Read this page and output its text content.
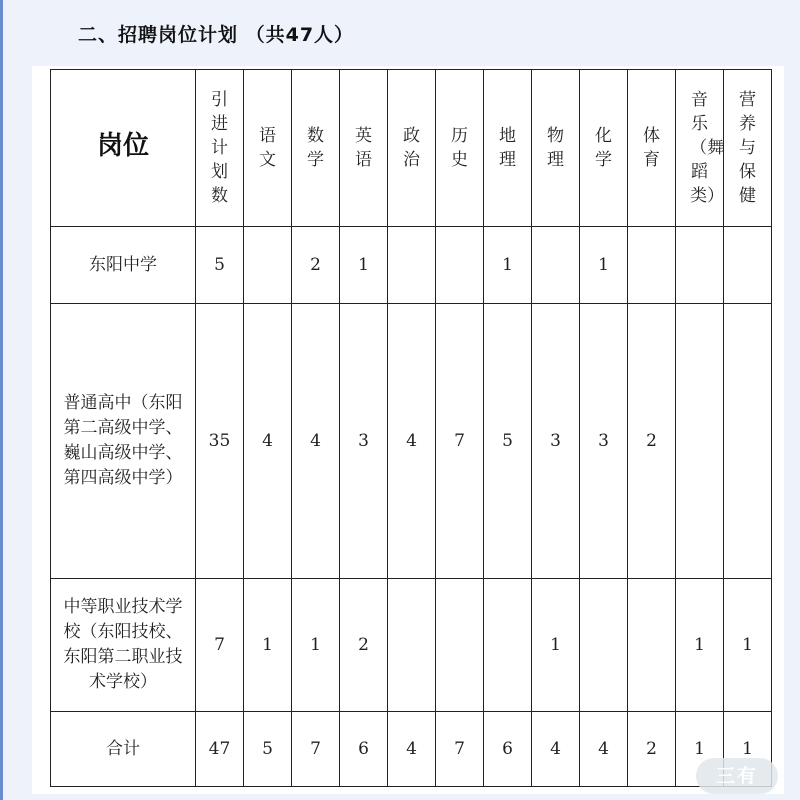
二、招聘岗位计划 （共47人）
岗位	引进计划数	语文	数学	英语	政治	历史	地理	物理	化学	体育	音乐（舞蹈类）	营养与保健
东阳中学	5		2	1			1		1			
普通高中（东阳第二高级中学、巍山高级中学、第四高级中学）	35	4	4	3	4	7	5	3	3	2		
中等职业技术学校（东阳技校、东阳第二职业技术学校）	7	1	1	2				1			1	1
合计	47	5	7	6	4	7	6	4	4	2	1	1
三有
